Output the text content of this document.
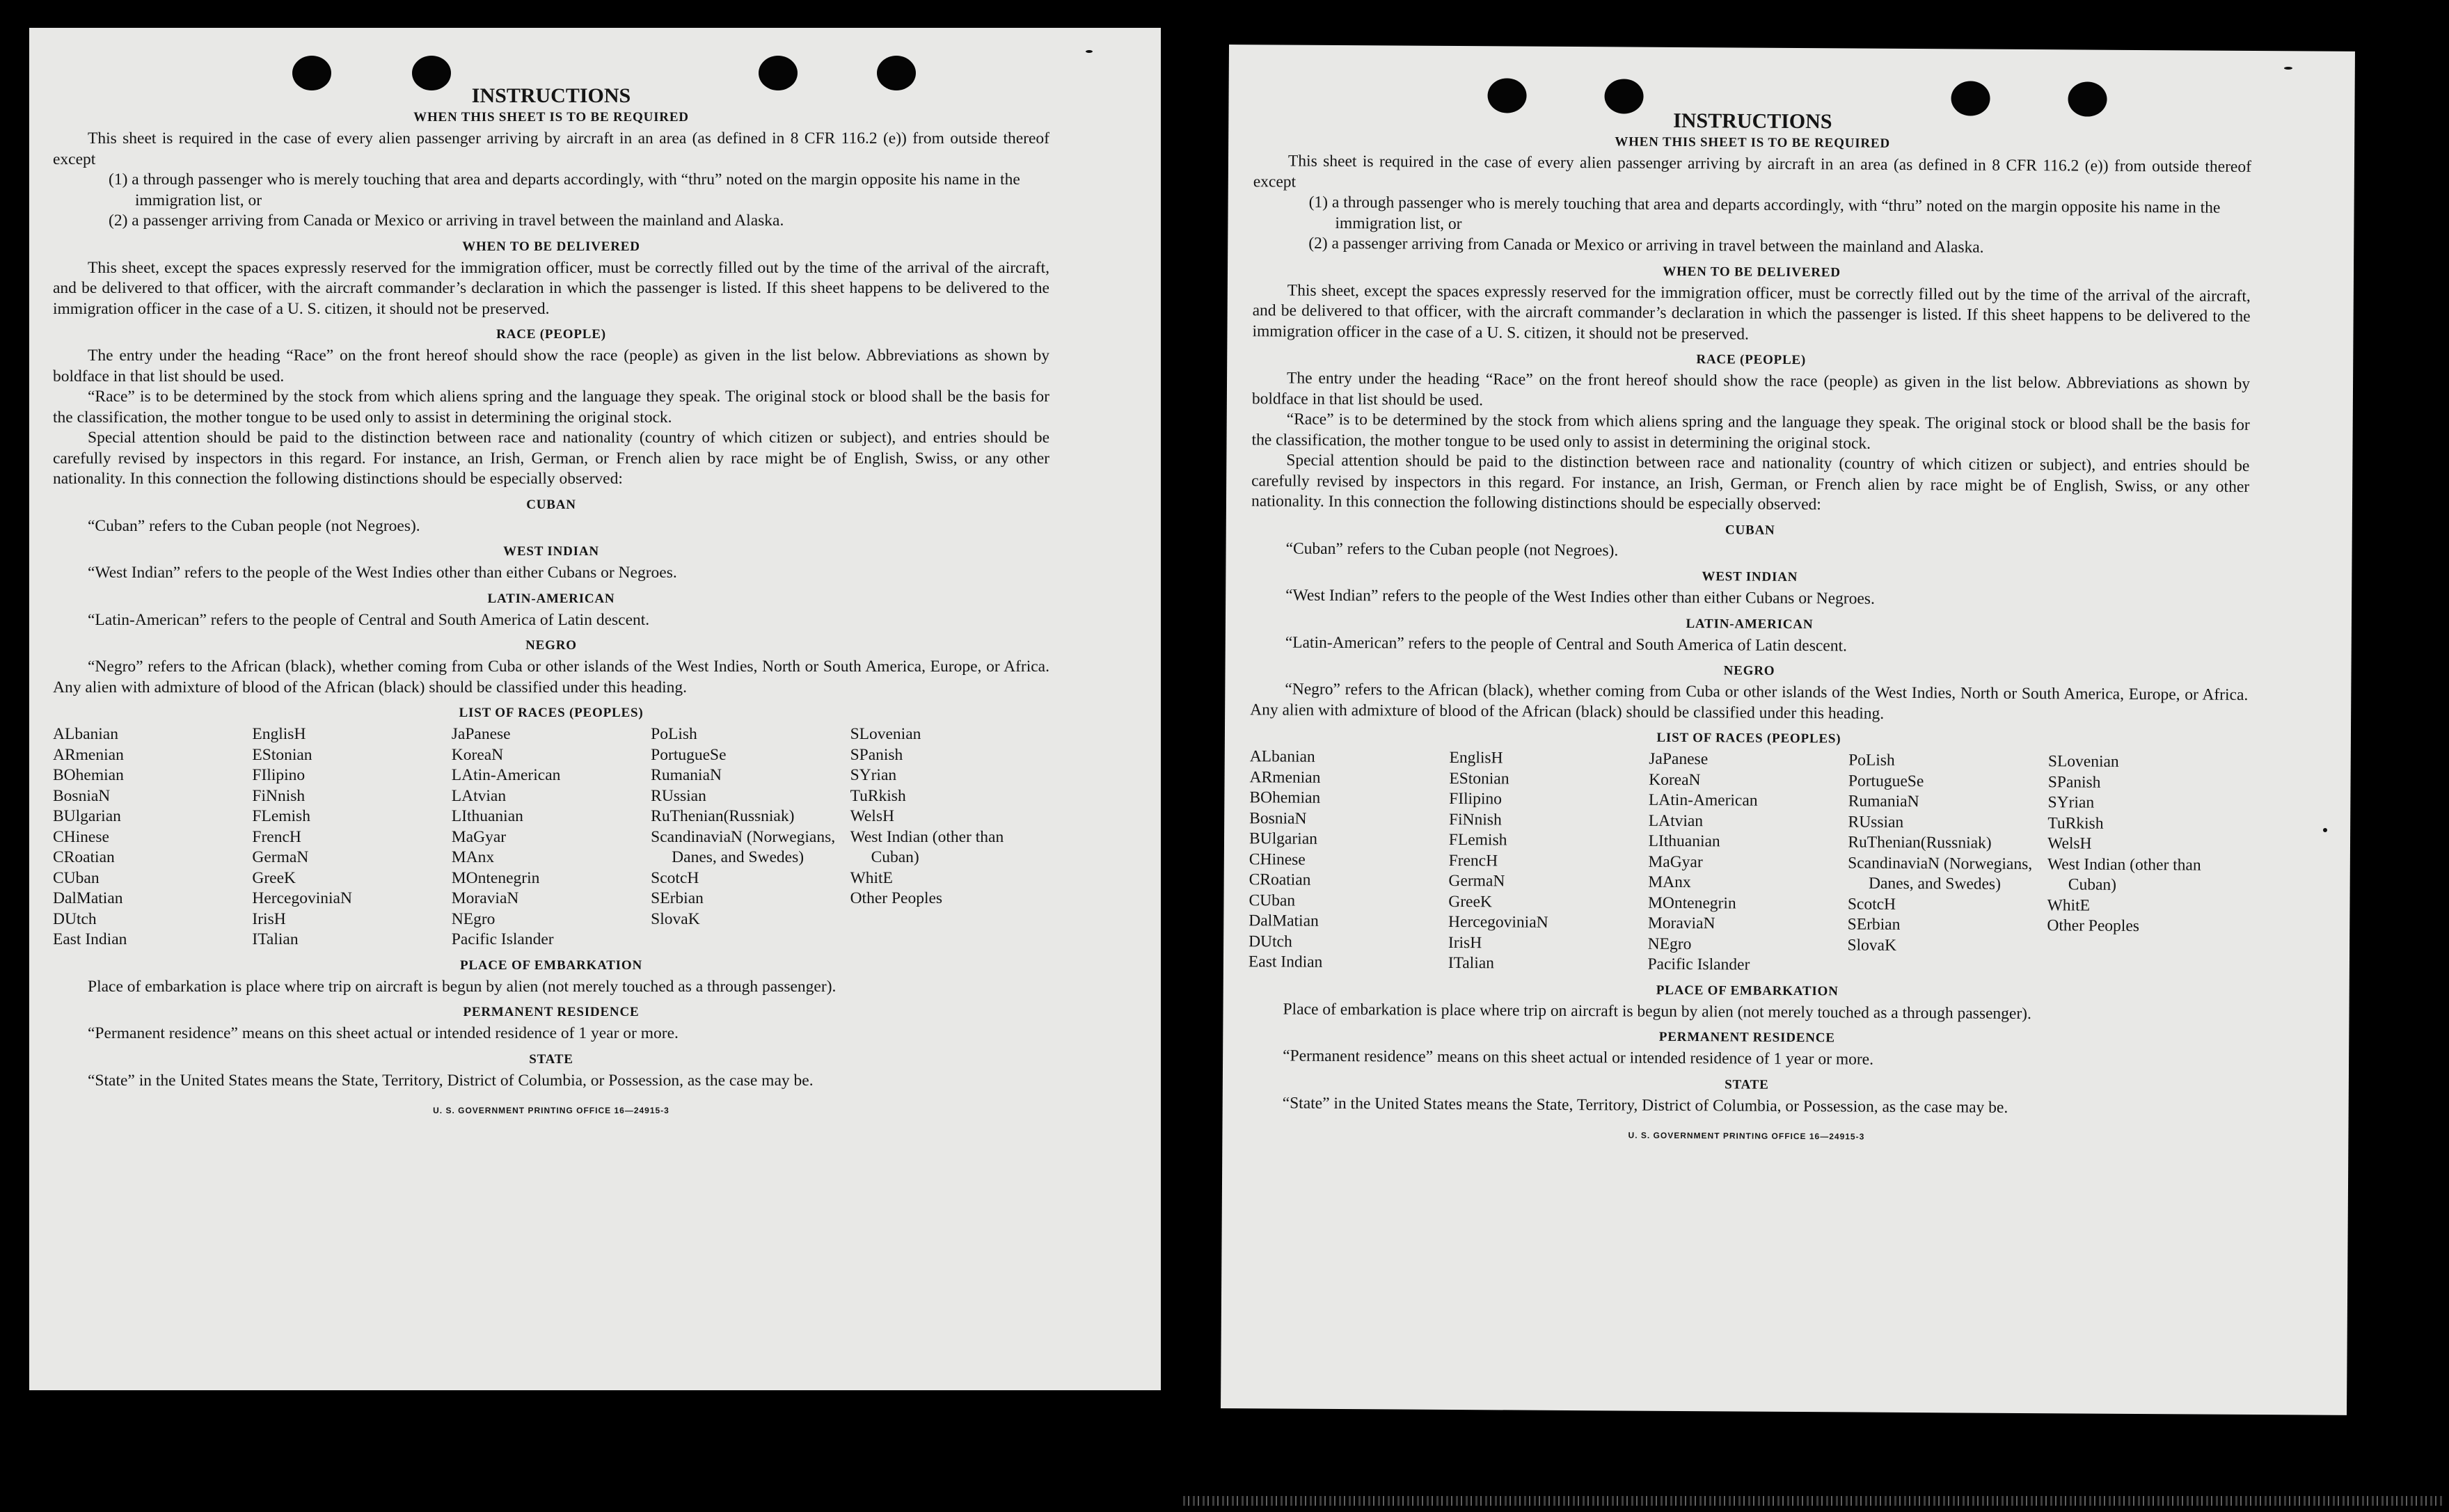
INSTRUCTIONS
WHEN THIS SHEET IS TO BE REQUIRED

This sheet is required in the case of every alien passenger arriving by aircraft in an area (as defined in 8 CFR 116.2 (e)) from outside thereof except

(1) a through passenger who is merely touching that area and departs accordingly, with “thru” noted on the margin opposite his name in the immigration list, or

(2) a passenger arriving from Canada or Mexico or arriving in travel between the mainland and Alaska.

WHEN TO BE DELIVERED

This sheet, except the spaces expressly reserved for the immigration officer, must be correctly filled out by the time of the arrival of the aircraft, and be delivered to that officer, with the aircraft commander’s declaration in which the passenger is listed. If this sheet happens to be delivered to the immigration officer in the case of a U. S. citizen, it should not be preserved.

RACE (PEOPLE)

The entry under the heading “Race” on the front hereof should show the race (people) as given in the list below. Abbreviations as shown by boldface in that list should be used.

“Race” is to be determined by the stock from which aliens spring and the language they speak. The original stock or blood shall be the basis for the classification, the mother tongue to be used only to assist in determining the original stock.

Special attention should be paid to the distinction between race and nationality (country of which citizen or subject), and entries should be carefully revised by inspectors in this regard. For instance, an Irish, German, or French alien by race might be of English, Swiss, or any other nationality. In this connection the following distinctions should be especially observed:

CUBAN

“Cuban” refers to the Cuban people (not Negroes).

WEST INDIAN

“West Indian” refers to the people of the West Indies other than either Cubans or Negroes.

LATIN-AMERICAN

“Latin-American” refers to the people of Central and South America of Latin descent.

NEGRO

“Negro” refers to the African (black), whether coming from Cuba or other islands of the West Indies, North or South America, Europe, or Africa. Any alien with admixture of blood of the African (black) should be classified under this heading.

LIST OF RACES (PEOPLES)
ALbanian
ARmenian
BOhemian
BosniaN
BUlgarian
CHinese
CRoatian
CUban
DalMatian
DUtch
East Indian
EnglisH
EStonian
FIlipino
FiNnish
FLemish
FrencH
GermaN
GreeK
HercegoviniaN
IrisH
ITalian
JaPanese
KoreaN
LAtin-American
LAtvian
LIthuanian
MaGyar
MAnx
MOntenegrin
MoraviaN
NEgro
Pacific Islander
PoLish
PortugueSe
RumaniaN
RUssian
RuThenian(Russniak)
ScandinaviaN (Norwegians, Danes, and Swedes)
ScotcH
SErbian
SlovaK
SLovenian
SPanish
SYrian
TuRkish
WelsH
West Indian (other than Cuban)
WhitE
Other Peoples
PLACE OF EMBARKATION

Place of embarkation is place where trip on aircraft is begun by alien (not merely touched as a through passenger).

PERMANENT RESIDENCE

“Permanent residence” means on this sheet actual or intended residence of 1 year or more.

STATE

“State” in the United States means the State, Territory, District of Columbia, or Possession, as the case may be.

U. S. GOVERNMENT PRINTING OFFICE 16—24915-3
INSTRUCTIONS
WHEN THIS SHEET IS TO BE REQUIRED

This sheet is required in the case of every alien passenger arriving by aircraft in an area (as defined in 8 CFR 116.2 (e)) from outside thereof except

(1) a through passenger who is merely touching that area and departs accordingly, with “thru” noted on the margin opposite his name in the immigration list, or

(2) a passenger arriving from Canada or Mexico or arriving in travel between the mainland and Alaska.

WHEN TO BE DELIVERED

This sheet, except the spaces expressly reserved for the immigration officer, must be correctly filled out by the time of the arrival of the aircraft, and be delivered to that officer, with the aircraft commander’s declaration in which the passenger is listed. If this sheet happens to be delivered to the immigration officer in the case of a U. S. citizen, it should not be preserved.

RACE (PEOPLE)

The entry under the heading “Race” on the front hereof should show the race (people) as given in the list below. Abbreviations as shown by boldface in that list should be used.

“Race” is to be determined by the stock from which aliens spring and the language they speak. The original stock or blood shall be the basis for the classification, the mother tongue to be used only to assist in determining the original stock.

Special attention should be paid to the distinction between race and nationality (country of which citizen or subject), and entries should be carefully revised by inspectors in this regard. For instance, an Irish, German, or French alien by race might be of English, Swiss, or any other nationality. In this connection the following distinctions should be especially observed:

CUBAN

“Cuban” refers to the Cuban people (not Negroes).

WEST INDIAN

“West Indian” refers to the people of the West Indies other than either Cubans or Negroes.

LATIN-AMERICAN

“Latin-American” refers to the people of Central and South America of Latin descent.

NEGRO

“Negro” refers to the African (black), whether coming from Cuba or other islands of the West Indies, North or South America, Europe, or Africa. Any alien with admixture of blood of the African (black) should be classified under this heading.

LIST OF RACES (PEOPLES)
ALbanian
ARmenian
BOhemian
BosniaN
BUlgarian
CHinese
CRoatian
CUban
DalMatian
DUtch
East Indian
EnglisH
EStonian
FIlipino
FiNnish
FLemish
FrencH
GermaN
GreeK
HercegoviniaN
IrisH
ITalian
JaPanese
KoreaN
LAtin-American
LAtvian
LIthuanian
MaGyar
MAnx
MOntenegrin
MoraviaN
NEgro
Pacific Islander
PoLish
PortugueSe
RumaniaN
RUssian
RuThenian(Russniak)
ScandinaviaN (Norwegians, Danes, and Swedes)
ScotcH
SErbian
SlovaK
SLovenian
SPanish
SYrian
TuRkish
WelsH
West Indian (other than Cuban)
WhitE
Other Peoples
PLACE OF EMBARKATION

Place of embarkation is place where trip on aircraft is begun by alien (not merely touched as a through passenger).

PERMANENT RESIDENCE

“Permanent residence” means on this sheet actual or intended residence of 1 year or more.

STATE

“State” in the United States means the State, Territory, District of Columbia, or Possession, as the case may be.

U. S. GOVERNMENT PRINTING OFFICE 16—24915-3
